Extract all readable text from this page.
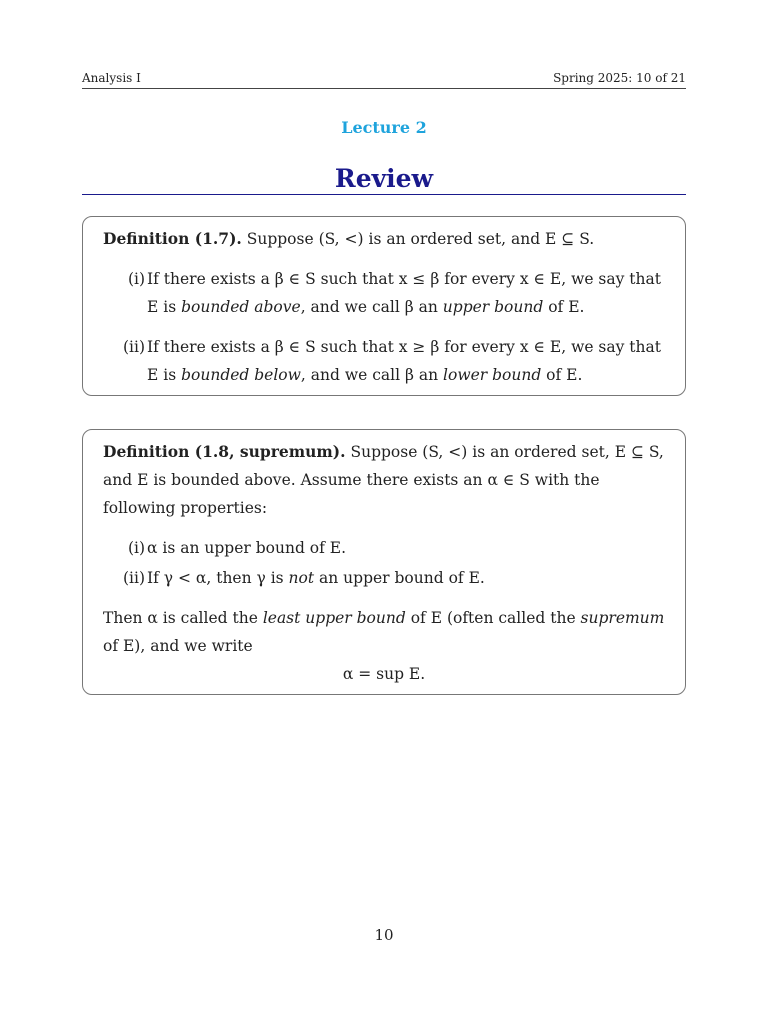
Analysis I	Spring 2025: 10 of 21
Lecture 2
Review

Definition (1.7). Suppose (S, <) is an ordered set, and E ⊆ S.

(i) If there exists a β ∈ S such that x ≤ β for every x ∈ E, we say that E is bounded above, and we call β an upper bound of E.
(ii) If there exists a β ∈ S such that x ≥ β for every x ∈ E, we say that E is bounded below, and we call β an lower bound of E.

Definition (1.8, supremum). Suppose (S, <) is an ordered set, E ⊆ S, and E is bounded above. Assume there exists an α ∈ S with the following properties:

(i) α is an upper bound of E.
(ii) If γ < α, then γ is not an upper bound of E.

Then α is called the least upper bound of E (often called the supremum of E), and we write

α = sup E.

10
